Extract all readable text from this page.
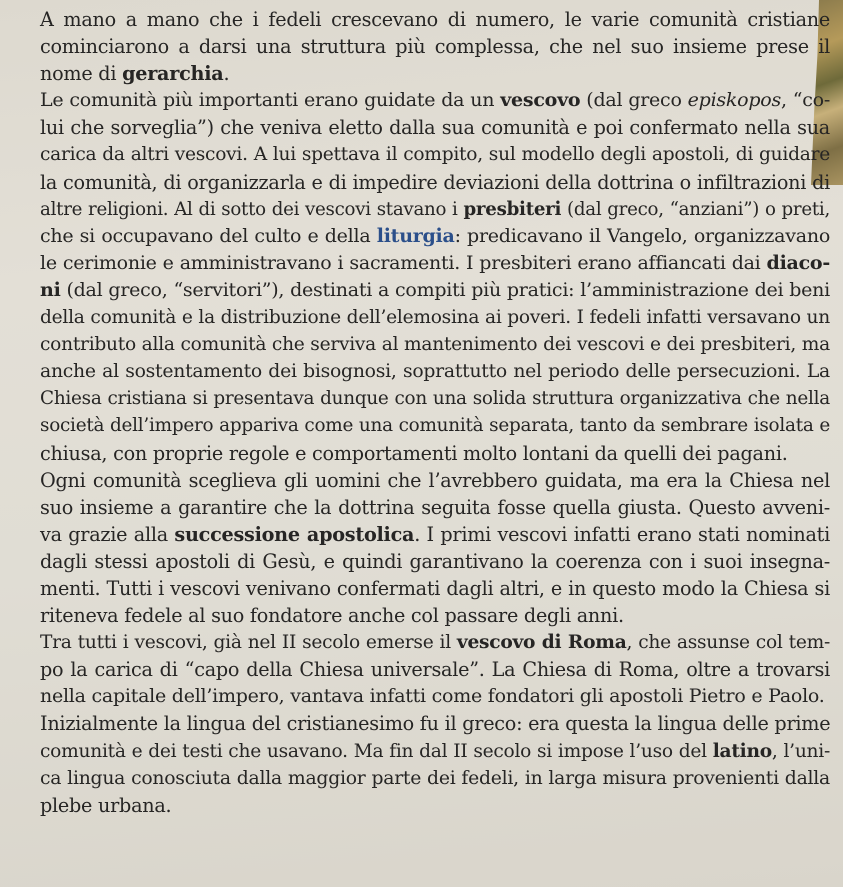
A mano a mano che i fedeli crescevano di numero, le varie comunità cristiane
cominciarono a darsi una struttura più complessa, che nel suo insieme prese il
nome di gerarchia.

Le comunità più importanti erano guidate da un vescovo (dal greco episkopos, “co-
lui che sorveglia”) che veniva eletto dalla sua comunità e poi confermato nella sua
carica da altri vescovi. A lui spettava il compito, sul modello degli apostoli, di guidare
la comunità, di organizzarla e di impedire deviazioni della dottrina o infiltrazioni di
altre religioni. Al di sotto dei vescovi stavano i presbiteri (dal greco, “anziani”) o preti,
che si occupavano del culto e della liturgia: predicavano il Vangelo, organizzavano
le cerimonie e amministravano i sacramenti. I presbiteri erano affiancati dai diaco-
ni (dal greco, “servitori”), destinati a compiti più pratici: l’amministrazione dei beni
della comunità e la distribuzione dell’elemosina ai poveri. I fedeli infatti versavano un
contributo alla comunità che serviva al mantenimento dei vescovi e dei presbiteri, ma
anche al sostentamento dei bisognosi, soprattutto nel periodo delle persecuzioni. La
Chiesa cristiana si presentava dunque con una solida struttura organizzativa che nella
società dell’impero appariva come una comunità separata, tanto da sembrare isolata e
chiusa, con proprie regole e comportamenti molto lontani da quelli dei pagani.

Ogni comunità sceglieva gli uomini che l’avrebbero guidata, ma era la Chiesa nel
suo insieme a garantire che la dottrina seguita fosse quella giusta. Questo avveni-
va grazie alla successione apostolica. I primi vescovi infatti erano stati nominati
dagli stessi apostoli di Gesù, e quindi garantivano la coerenza con i suoi insegna-
menti. Tutti i vescovi venivano confermati dagli altri, e in questo modo la Chiesa si
riteneva fedele al suo fondatore anche col passare degli anni.

Tra tutti i vescovi, già nel II secolo emerse il vescovo di Roma, che assunse col tem-
po la carica di “capo della Chiesa universale”. La Chiesa di Roma, oltre a trovarsi
nella capitale dell’impero, vantava infatti come fondatori gli apostoli Pietro e Paolo.

Inizialmente la lingua del cristianesimo fu il greco: era questa la lingua delle prime
comunità e dei testi che usavano. Ma fin dal II secolo si impose l’uso del latino, l’uni-
ca lingua conosciuta dalla maggior parte dei fedeli, in larga misura provenienti dalla
plebe urbana.
